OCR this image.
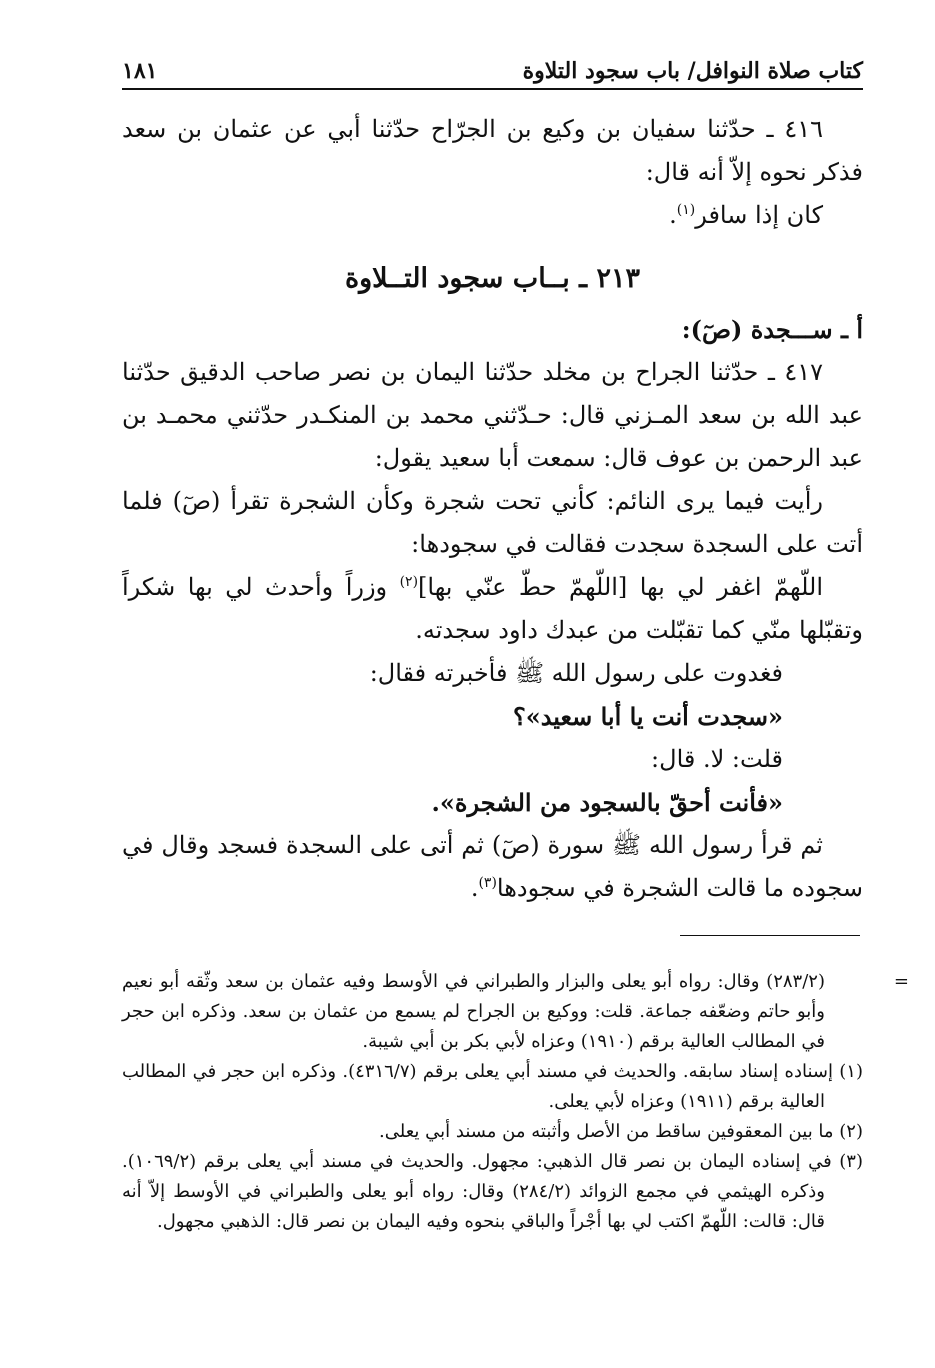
كتاب صلاة النوافل/ باب سجود التلاوة
١٨١

٤١٦ ـ حدّثنا سفيان بن وكيع بن الجرّاح حدّثنا أبي عن عثمان بن سعد فذكر نحوه إلاّ أنه قال:

كان إذا سافر$^{(١)}$.

٢١٣ ـ بــاب سجود التــلاوة

أ ـ ســـجدة (صٓ):

٤١٧ ـ حدّثنا الجراح بن مخلد حدّثنا اليمان بن نصر صاحب الدقيق حدّثنا عبد الله بن سعد المـزني قال: حـدّثني محمد بن المنكـدر حدّثني محمـد بن عبد الرحمن بن عوف قال: سمعت أبا سعيد يقول:

رأيت فيما يرى النائم: كأني تحت شجرة وكأن الشجرة تقرأ (صٓ) فلما أتت على السجدة سجدت فقالت في سجودها:

اللّهمّ اغفر لي بها [اللّهمّ حطّ عنّي بها]$^{(٢)}$ وزراً وأحدث لي بها شكراً وتقبّلها منّي كما تقبّلت من عبدك داود سجدته.

فغدوت على رسول الله ﷺ فأخبرته فقال:

«سجدت أنت يا أبا سعيد»؟

قلت: لا. قال:

«فأنت أحقّ بالسجود من الشجرة».

ثم قرأ رسول الله ﷺ سورة (صٓ) ثم أتى على السجدة فسجد وقال في سجوده ما قالت الشجرة في سجودها$^{(٣)}$.

=
(٢٨٣/٢) وقال: رواه أبو يعلى والبزار والطبراني في الأوسط وفيه عثمان بن سعد وثّقه أبو نعيم وأبو حاتم وضعّفه جماعة. قلت: ووكيع بن الجراح لم يسمع من عثمان بن سعد. وذكره ابن حجر في المطالب العالية برقم (١٩١٠) وعزاه لأبي بكر بن أبي شيبة.

(١) إسناده إسناد سابقه. والحديث في مسند أبي يعلى برقم (٤٣١٦/٧). وذكره ابن حجر في المطالب العالية برقم (١٩١١) وعزاه لأبي يعلى.

(٢) ما بين المعقوفين ساقط من الأصل وأثبته من مسند أبي يعلى.

(٣) في إسناده اليمان بن نصر قال الذهبي: مجهول. والحديث في مسند أبي يعلى برقم (١٠٦٩/٢). وذكره الهيثمي في مجمع الزوائد (٢٨٤/٢) وقال: رواه أبو يعلى والطبراني في الأوسط إلاّ أنه قال: قالت: اللّهمّ اكتب لي بها أجْراً والباقي بنحوه وفيه اليمان بن نصر قال: الذهبي مجهول.
